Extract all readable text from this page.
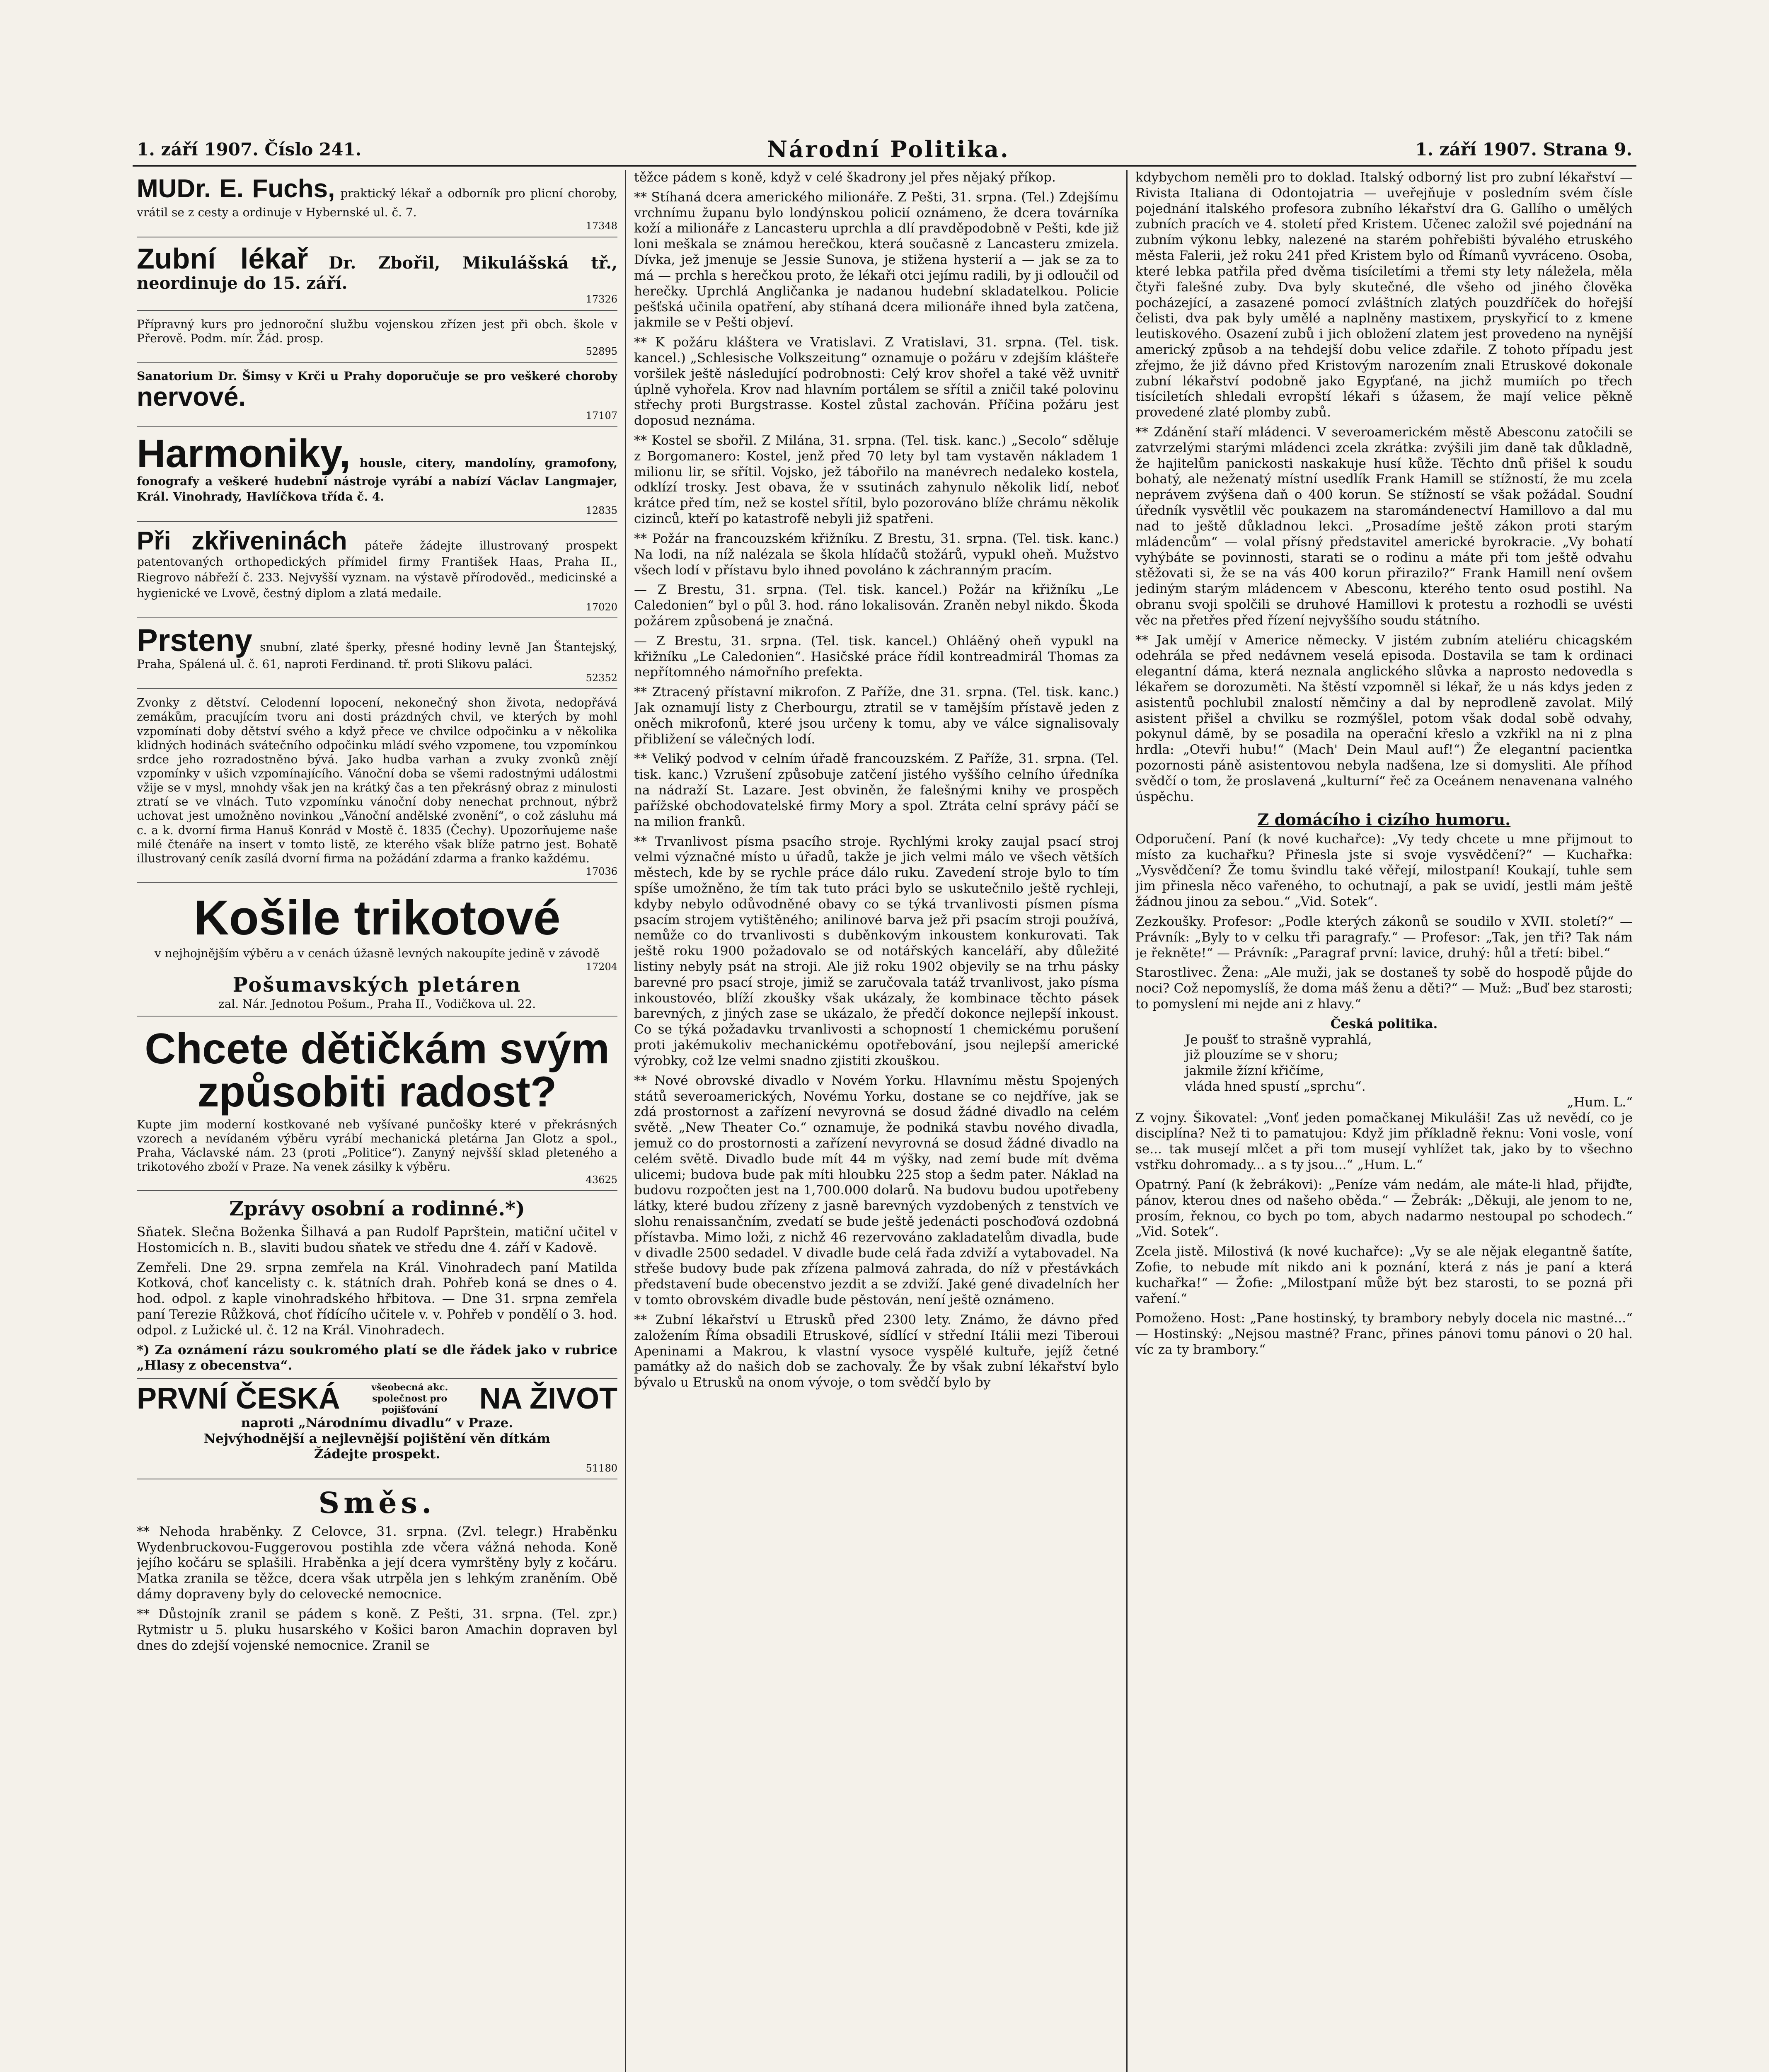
1. září 1907. Číslo 241.	Národní Politika.	1. září 1907. Strana 9.
MUDr. E. Fuchs, praktický lékař a odborník pro plicní choroby, vrátil se z cesty a ordinuje v Hybernské ul. č. 7.
17348
Zubní lékař Dr. Zbořil, Mikulášská tř., neordinuje do 15. září.
17326
Přípravný kurs pro jednoroční službu vojenskou zřízen jest při obch. škole v Přerově. Podm. mír. Žád. prosp.
52895
Sanatorium Dr. Šimsy v Krči u Prahy doporučuje se pro veškeré choroby nervové.
17107
Harmoniky, housle, citery, mandolíny, gramofony, fonografy a veškeré hudební nástroje vyrábí a nabízí Václav Langmajer, Král. Vinohrady, Havlíčkova třída č. 4.
12835
Při zkřiveninách páteře žádejte illustrovaný prospekt patentovaných orthopedických přímidel firmy František Haas, Praha II., Riegrovo nábřeží č. 233. Nejvyšší vyznam. na výstavě přírodověd., medicinské a hygienické ve Lvově, čestný diplom a zlatá medaile.
17020
Prsteny snubní, zlaté šperky, přesné hodiny levně Jan Štantejský, Praha, Spálená ul. č. 61, naproti Ferdinand. tř. proti Slikovu paláci.
52352
Zvonky z dětství. Celodenní lopocení, nekonečný shon života, nedopřává zemákům, pracujícím tvoru ani dosti prázdných chvil, ve kterých by mohl vzpomínati doby dětství svého a když přece ve chvilce odpočinku a v několika klidných hodinách svátečního odpočinku mládí svého vzpomene, tou vzpomínkou srdce jeho rozradostněno bývá. Jako hudba varhan a zvuky zvonků znějí vzpomínky v ušich vzpomínajícího. Vánoční doba se všemi radostnými událostmi vžije se v mysl, mnohdy však jen na krátký čas a ten překrásný obraz z minulosti ztratí se ve vlnách. Tuto vzpomínku vánoční doby nenechat prchnout, nýbrž uchovat jest umožněno novinkou „Vánoční andělské zvonění“, o což zásluhu má c. a k. dvorní firma Hanuš Konrád v Mostě č. 1835 (Čechy). Upozorňujeme naše milé čtenáře na insert v tomto listě, ze kterého však blíže patrno jest. Bohatě illustrovaný ceník zasílá dvorní firma na požádání zdarma a franko každému.
17036
Košile trikotové
v nejhojnějším výběru a v cenách úžasně levných nakoupíte jedině v závodě
17204
Pošumavských pletáren
zal. Nár. Jednotou Pošum., Praha II., Vodičkova ul. 22.
Chcete dětičkám svým způsobiti radost?
Kupte jim moderní kostkované neb vyšívané punčošky které v překrásných vzorech a nevídaném výběru vyrábí mechanická pletárna Jan Glotz a spol., Praha, Václavské nám. 23 (proti „Politice“). Zanyný nejvšší sklad pleteného a trikotového zboží v Praze. Na venek zásilky k výběru.
43625
Zprávy osobní a rodinné.*)

Sňatek. Slečna Boženka Šilhavá a pan Rudolf Paprštein, matiční učitel v Hostomicích n. B., slaviti budou sňatek ve středu dne 4. září v Kadově.

Zemřeli. Dne 29. srpna zemřela na Král. Vinohradech paní Matilda Kotková, choť kancelisty c. k. státních drah. Pohřeb koná se dnes o 4. hod. odpol. z kaple vinohradského hřbitova. — Dne 31. srpna zemřela paní Terezie Růžková, choť řídícího učitele v. v. Pohřeb v pondělí o 3. hod. odpol. z Lužické ul. č. 12 na Král. Vinohradech.

*) Za oznámení rázu soukromého platí se dle řádek jako v rubrice „Hlasy z obecenstva“.

PRVNÍ ČESKÁ	všeobecná akc. společnost pro pojišťování	NA ŽIVOT
naproti „Národnímu divadlu“ v Praze.
Nejvýhodnější a nejlevnější pojištění věn dítkám
Žádejte prospekt.
51180
Směs.

** Nehoda hraběnky. Z Celovce, 31. srpna. (Zvl. telegr.) Hraběnku Wydenbruckovou-Fuggerovou postihla zde včera vážná nehoda. Koně jejího kočáru se splašili. Hraběnka a její dcera vymrštěny byly z kočáru. Matka zranila se těžce, dcera však utrpěla jen s lehkým zraněním. Obě dámy dopraveny byly do celovecké nemocnice.

** Důstojník zranil se pádem s koně. Z Pešti, 31. srpna. (Tel. zpr.) Rytmistr u 5. pluku husarského v Košici baron Amachin dopraven byl dnes do zdejší vojenské nemocnice. Zranil se

těžce pádem s koně, když v celé škadrony jel přes nějaký příkop.

** Stíhaná dcera amerického milionáře. Z Pešti, 31. srpna. (Tel.) Zdejšímu vrchnímu županu bylo londýnskou policií oznámeno, že dcera továrníka koží a milionáře z Lancasteru uprchla a dlí pravděpodobně v Pešti, kde již loni meškala se známou herečkou, která současně z Lancasteru zmizela. Dívka, jež jmenuje se Jessie Sunova, je stižena hysterií a — jak se za to má — prchla s herečkou proto, že lékaři otci jejímu radili, by ji odloučil od herečky. Uprchlá Angličanka je nadanou hudební skladatelkou. Policie pešťská učinila opatření, aby stíhaná dcera milionáře ihned byla zatčena, jakmile se v Pešti objeví.

** K požáru kláštera ve Vratislavi. Z Vratislavi, 31. srpna. (Tel. tisk. kancel.) „Schlesische Volkszeitung“ oznamuje o požáru v zdejším klášteře voršilek ještě následující podrobnosti: Celý krov shořel a také věž uvnitř úplně vyhořela. Krov nad hlavním portálem se sřítil a zničil také polovinu střechy proti Burgstrasse. Kostel zůstal zachován. Příčina požáru jest doposud neznáma.

** Kostel se sbořil. Z Milána, 31. srpna. (Tel. tisk. kanc.) „Secolo“ sděluje z Borgomanero: Kostel, jenž před 70 lety byl tam vystavěn nákladem 1 milionu lir, se sřítil. Vojsko, jež tábořilo na manévrech nedaleko kostela, odklízí trosky. Jest obava, že v ssutinách zahynulo několik lidí, neboť krátce před tím, než se kostel sřítil, bylo pozorováno blíže chrámu několik cizinců, kteří po katastrofě nebyli již spatřeni.

** Požár na francouzském křižníku. Z Brestu, 31. srpna. (Tel. tisk. kanc.) Na lodi, na níž nalézala se škola hlídačů stožárů, vypukl oheň. Mužstvo všech lodí v přístavu bylo ihned povoláno k záchranným pracím.

— Z Brestu, 31. srpna. (Tel. tisk. kancel.) Požár na křižníku „Le Caledonien“ byl o půl 3. hod. ráno lokalisován. Zraněn nebyl nikdo. Škoda požárem způsobená je značná.

— Z Brestu, 31. srpna. (Tel. tisk. kancel.) Ohláěný oheň vypukl na křižníku „Le Caledonien“. Hasičské práce řídil kontreadmirál Thomas za nepřítomného námořního prefekta.

** Ztracený přístavní mikrofon. Z Paříže, dne 31. srpna. (Tel. tisk. kanc.) Jak oznamují listy z Cherbourgu, ztratil se v tamějším přístavě jeden z oněch mikrofonů, které jsou určeny k tomu, aby ve válce signalisovaly přibližení se válečných lodí.

** Veliký podvod v celním úřadě francouzském. Z Paříže, 31. srpna. (Tel. tisk. kanc.) Vzrušení způsobuje zatčení jistého vyššího celního úředníka na nádraží St. Lazare. Jest obviněn, že falešnými knihy ve prospěch pařížské obchodovatelské firmy Mory a spol. Ztráta celní správy páčí se na milion franků.

** Trvanlivost písma psacího stroje. Rychlými kroky zaujal psací stroj velmi význačné místo u úřadů, takže je jich velmi málo ve všech větších městech, kde by se rychle práce dálo ruku. Zavedení stroje bylo to tím spíše umožněno, že tím tak tuto práci bylo se uskutečnilo ještě rychleji, kdyby nebylo odůvodněné obavy co se týká trvanlivosti písmen písma psacím strojem vytištěného; anilinové barva jež při psacím stroji používá, nemůže co do trvanlivosti s duběnkovým inkoustem konkurovati. Tak ještě roku 1900 požadovalo se od notářských kanceláří, aby důležité listiny nebyly psát na stroji. Ale již roku 1902 objevily se na trhu pásky barevné pro psací stroje, jimiž se zaručovala tatáž trvanlivost, jako písma inkoustovéo, blíží zkoušky však ukázaly, že kombinace těchto pásek barevných, z jiných zase se ukázalo, že předčí dokonce nejlepší inkoust. Co se týká požadavku trvanlivosti a schopností 1 chemickému porušení proti jakémukoliv mechanickému opotřebování, jsou nejlepší americké výrobky, což lze velmi snadno zjistiti zkouškou.

** Nové obrovské divadlo v Novém Yorku. Hlavnímu městu Spojených států severoamerických, Novému Yorku, dostane se co nejdříve, jak se zdá prostornost a zařízení nevyrovná se dosud žádné divadlo na celém světě. „New Theater Co.“ oznamuje, že podniká stavbu nového divadla, jemuž co do prostornosti a zařízení nevyrovná se dosud žádné divadlo na celém světě. Divadlo bude mít 44 m výšky, nad zemí bude mít dvěma ulicemi; budova bude pak míti hloubku 225 stop a šedm pater. Náklad na budovu rozpočten jest na 1,700.000 dolarů. Na budovu budou upotřebeny látky, které budou zřízeny z jasně barevných vyzdobených z tenstvích ve slohu renaissančním, zvedatí se bude ještě jedenácti poschoďová ozdobná přístavba. Mimo loži, z nichž 46 rezervováno zakladatelům divadla, bude v divadle 2500 sedadel. V divadle bude celá řada zdviží a vytabovadel. Na střeše budovy bude pak zřízena palmová zahrada, do níž v přestávkách představení bude obecenstvo jezdit a se zdviží. Jaké gené divadelních her v tomto obrovském divadle bude pěstován, není ještě oznámeno.

** Zubní lékařství u Etrusků před 2300 lety. Známo, že dávno před založením Říma obsadili Etruskové, sídlící v střední Itálii mezi Tiberoui Apeninami a Makrou, k vlastní vysoce vyspělé kultuře, jejíž četné památky až do našich dob se zachovaly. Že by však zubní lékařství bylo bývalo u Etrusků na onom vývoje, o tom svědčí bylo by

kdybychom neměli pro to doklad. Italský odborný list pro zubní lékařství — Rivista Italiana di Odontojatria — uveřejňuje v posledním svém čísle pojednání italského profesora zubního lékařství dra G. Gallího o umělých zubních pracích ve 4. století před Kristem. Učenec založil své pojednání na zubním výkonu lebky, nalezené na starém pohřebišti bývalého etruského města Falerii, jež roku 241 před Kristem bylo od Římanů vyvráceno. Osoba, které lebka patřila před dvěma tisíciletími a třemi sty lety náležela, měla čtyři falešné zuby. Dva byly skutečné, dle všeho od jiného člověka pocházející, a zasazené pomocí zvláštních zlatých pouzdříček do hořejší čelisti, dva pak byly umělé a naplněny mastixem, pryskyřicí to z kmene leutiskového. Osazení zubů i jich obložení zlatem jest provedeno na nynější americký způsob a na tehdejší dobu velice zdařile. Z tohoto případu jest zřejmo, že již dávno před Kristovým narozením znali Etruskové dokonale zubní lékařství podobně jako Egypťané, na jichž mumiích po třech tisíciletích shledali evropští lékaři s úžasem, že mají velice pěkně provedené zlaté plomby zubů.

** Zdánění staří mládenci. V severoamerickém městě Abesconu zatočili se zatvrzelými starými mládenci zcela zkrátka: zvýšili jim daně tak důkladně, že hajitelům panickosti naskakuje husí kůže. Těchto dnů přišel k soudu bohatý, ale neženatý místní usedlík Frank Hamill se stížností, že mu zcela neprávem zvýšena daň o 400 korun. Se stížností se však požádal. Soudní úředník vysvětlil věc poukazem na staromándenectví Hamillovo a dal mu nad to ještě důkladnou lekci. „Prosadíme ještě zákon proti starým mládencům“ — volal přísný představitel americké byrokracie. „Vy bohatí vyhýbáte se povinnosti, starati se o rodinu a máte při tom ještě odvahu stěžovati si, že se na vás 400 korun přirazilo?“ Frank Hamill není ovšem jediným starým mládencem v Abesconu, kterého tento osud postihl. Na obranu svoji spolčili se druhové Hamillovi k protestu a rozhodli se uvésti věc na přetřes před řízení nejvyššího soudu státního.

** Jak umějí v Americe německy. V jistém zubním ateliéru chicagském odehrála se před nedávnem veselá episoda. Dostavila se tam k ordinaci elegantní dáma, která neznala anglického slůvka a naprosto nedovedla s lékařem se dorozuměti. Na štěstí vzpomněl si lékař, že u nás kdys jeden z asistentů pochlubil znalostí němčiny a dal by neprodleně zavolat. Milý asistent přišel a chvilku se rozmýšlel, potom však dodal sobě odvahy, pokynul dámě, by se posadila na operační křeslo a vzkřikl na ni z plna hrdla: „Otevři hubu!“ (Mach' Dein Maul auf!“) Že elegantní pacientka pozornosti páně asistentovou nebyla nadšena, lze si domysliti. Ale příhod svědčí o tom, že proslavená „kulturní“ řeč za Oceánem nenavenana valného úspěchu.

Z domácího i cizího humoru.

Odporučení. Paní (k nové kuchařce): „Vy tedy chcete u mne přijmout to místo za kuchařku? Přinesla jste si svoje vysvědčení?“ — Kuchařka: „Vysvědčení? Že tomu švindlu také věřejí, milostpaní! Koukají, tuhle sem jim přinesla něco vařeného, to ochutnají, a pak se uvidí, jestli mám ještě žádnou jinou za sebou.“ „Vid. Sotek“.

Zezkoušky. Profesor: „Podle kterých zákonů se soudilo v XVII. století?“ — Právník: „Byly to v celku tři paragrafy.“ — Profesor: „Tak, jen tři? Tak nám je řekněte!“ — Právník: „Paragraf první: lavice, druhý: hůl a třetí: bibel.“

Starostlivec. Žena: „Ale muži, jak se dostaneš ty sobě do hospodě půjde do noci? Což nepomyslíš, že doma máš ženu a děti?“ — Muž: „Buď bez starosti; to pomyslení mi nejde ani z hlavy.“

Česká politika.
Je poušť to strašně vyprahlá,
již plouzíme se v shoru;
jakmile žízní křičíme,
vláda hned spustí „sprchu“.
„Hum. L.“

Z vojny. Šikovatel: „Vonť jeden pomačkanej Mikuláši! Zas už nevědí, co je disciplína? Než ti to pamatujou: Když jim příkladně řeknu: Voni vosle, voní se... tak musejí mlčet a při tom musejí vyhlížet tak, jako by to všechno vstřku dohromady... a s ty jsou...“ „Hum. L.“

Opatrný. Paní (k žebrákovi): „Peníze vám nedám, ale máte-li hlad, přijďte, pánov, kterou dnes od našeho oběda.“ — Žebrák: „Děkuji, ale jenom to ne, prosím, řeknou, co bych po tom, abych nadarmo nestoupal po schodech.“ „Vid. Sotek“.

Zcela jistě. Milostivá (k nové kuchařce): „Vy se ale nějak elegantně šatíte, Zofie, to nebude mít nikdo ani k poznání, která z nás je paní a která kuchařka!“ — Žofie: „Milostpaní může být bez starosti, to se pozná při vaření.“

Pomoženo. Host: „Pane hostinský, ty brambory nebyly docela nic mastné...“ — Hostinský: „Nejsou mastné? Franc, přines pánovi tomu pánovi o 20 hal. víc za ty brambory.“
